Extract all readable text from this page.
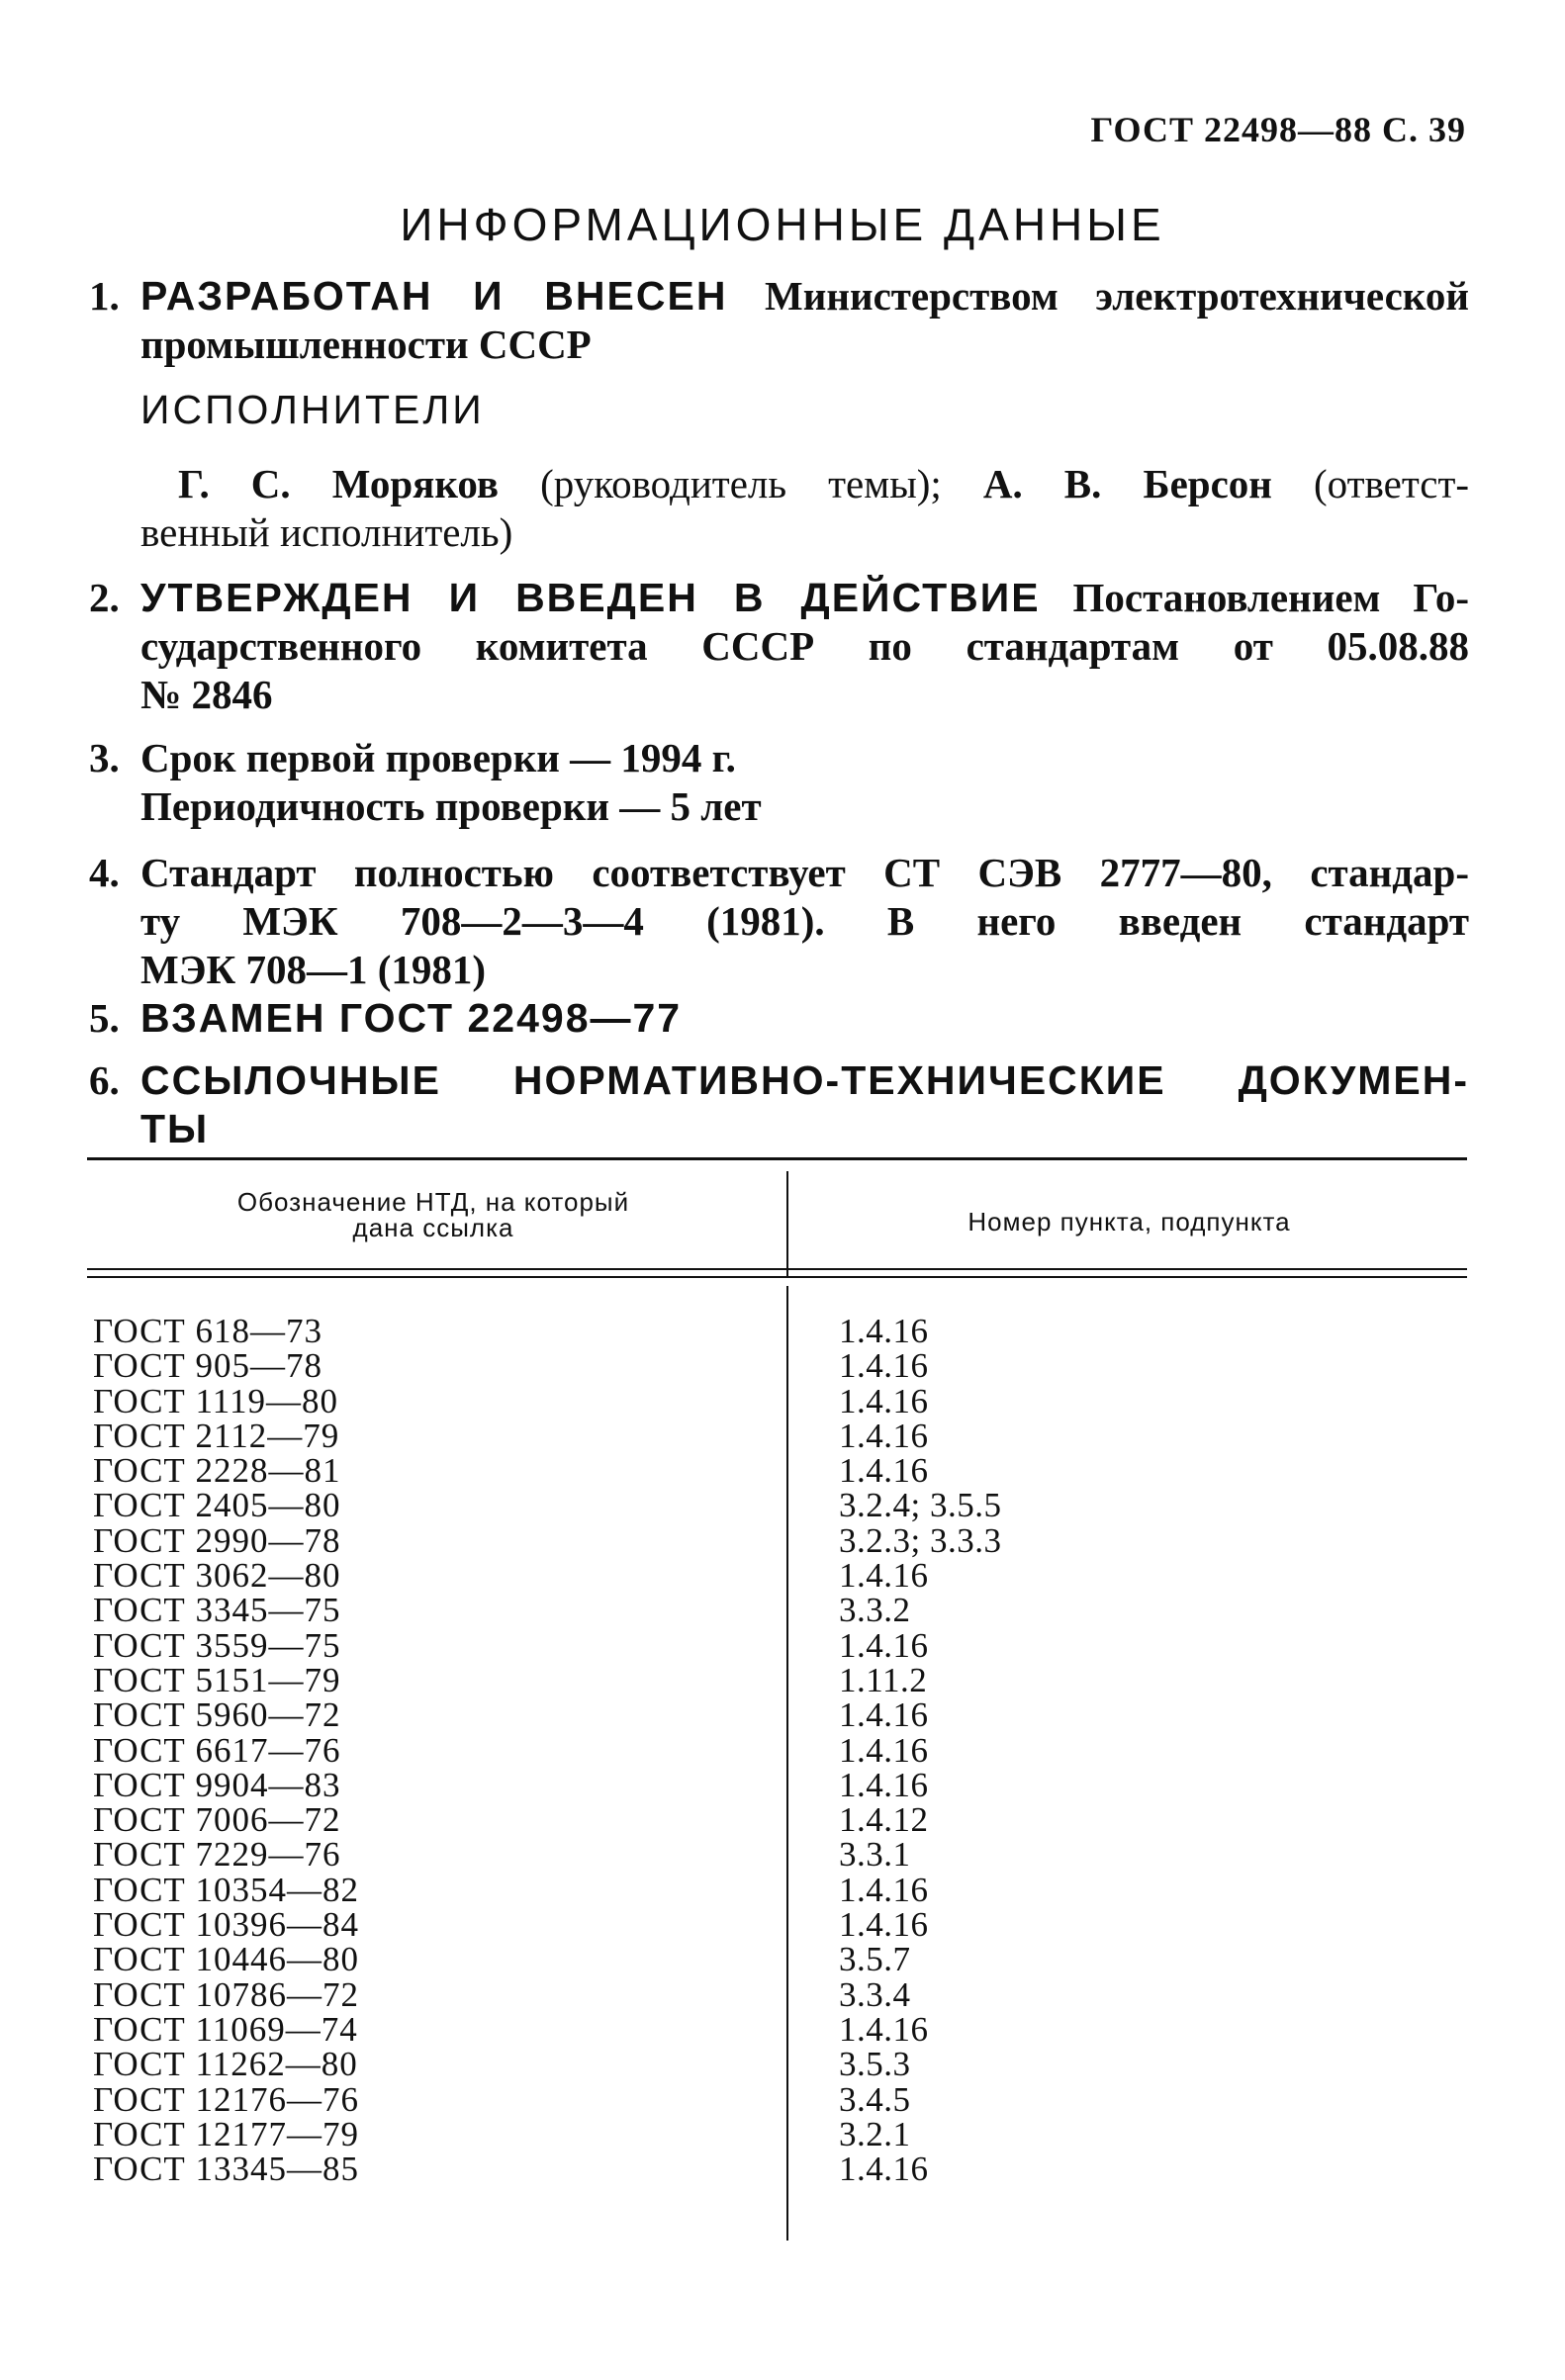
ГОСТ 22498—88 С. 39
ИНФОРМАЦИОННЫЕ ДАННЫЕ
1. РАЗРАБОТАН И ВНЕСЕН Министерством электротехнической
промышленности СССР
ИСПОЛНИТЕЛИ
Г. С. Моряков (руководитель темы); А. В. Берсон (ответст-
венный исполнитель)
2. УТВЕРЖДЕН И ВВЕДЕН В ДЕЙСТВИЕ Постановлением Го-
сударственного комитета СССР по стандартам от 05.08.88
№ 2846
3. Срок первой проверки — 1994 г.
Периодичность проверки — 5 лет
4. Стандарт полностью соответствует СТ СЭВ 2777—80, стандар-
ту МЭК 708—2—3—4 (1981). В него введен стандарт
МЭК 708—1 (1981)
5. ВЗАМЕН ГОСТ 22498—77
6. ССЫЛОЧНЫЕ НОРМАТИВНО-ТЕХНИЧЕСКИЕ ДОКУМЕН-
ТЫ
Обозначение НТД, на который
дана ссылка	Номер пункта, подпункта
ГОСТ 618—73	1.4.16
ГОСТ 905—78	1.4.16
ГОСТ 1119—80	1.4.16
ГОСТ 2112—79	1.4.16
ГОСТ 2228—81	1.4.16
ГОСТ 2405—80	3.2.4; 3.5.5
ГОСТ 2990—78	3.2.3; 3.3.3
ГОСТ 3062—80	1.4.16
ГОСТ 3345—75	3.3.2
ГОСТ 3559—75	1.4.16
ГОСТ 5151—79	1.11.2
ГОСТ 5960—72	1.4.16
ГОСТ 6617—76	1.4.16
ГОСТ 9904—83	1.4.16
ГОСТ 7006—72	1.4.12
ГОСТ 7229—76	3.3.1
ГОСТ 10354—82	1.4.16
ГОСТ 10396—84	1.4.16
ГОСТ 10446—80	3.5.7
ГОСТ 10786—72	3.3.4
ГОСТ 11069—74	1.4.16
ГОСТ 11262—80	3.5.3
ГОСТ 12176—76	3.4.5
ГОСТ 12177—79	3.2.1
ГОСТ 13345—85	1.4.16
